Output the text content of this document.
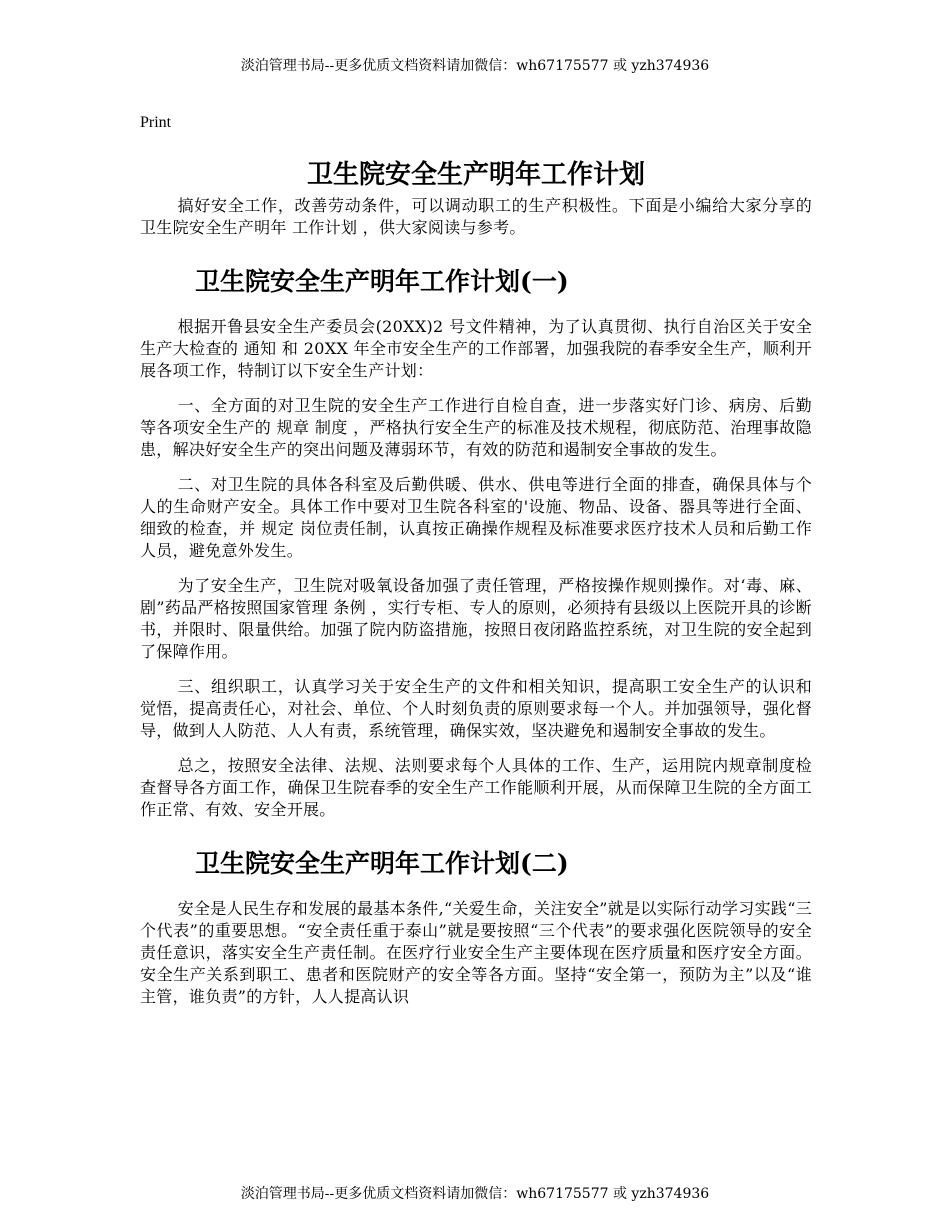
淡泊管理书局--更多优质文档资料请加微信：wh67175577 或 yzh374936
Print
卫生院安全生产明年工作计划

搞好安全工作，改善劳动条件，可以调动职工的生产积极性。下面是小编给大家分享的卫生院安全生产明年 工作计划 ，供大家阅读与参考。

卫生院安全生产明年工作计划(一)

根据开鲁县安全生产委员会(20XX)2 号文件精神，为了认真贯彻、执行自治区关于安全生产大检查的 通知 和 20XX 年全市安全生产的工作部署，加强我院的春季安全生产，顺利开展各项工作，特制订以下安全生产计划：

一、全方面的对卫生院的安全生产工作进行自检自查，进一步落实好门诊、病房、后勤等各项安全生产的 规章 制度 ，严格执行安全生产的标准及技术规程，彻底防范、治理事故隐患，解决好安全生产的突出问题及薄弱环节，有效的防范和遏制安全事故的发生。

二、对卫生院的具体各科室及后勤供暖、供水、供电等进行全面的排查，确保具体与个人的生命财产安全。具体工作中要对卫生院各科室的'设施、物品、设备、器具等进行全面、细致的检查，并 规定 岗位责任制，认真按正确操作规程及标准要求医疗技术人员和后勤工作人员，避免意外发生。

为了安全生产，卫生院对吸氧设备加强了责任管理，严格按操作规则操作。对‘毒、麻、剧”药品严格按照国家管理 条例 ，实行专柜、专人的原则，必须持有县级以上医院开具的诊断书，并限时、限量供给。加强了院内防盗措施，按照日夜闭路监控系统，对卫生院的安全起到了保障作用。

三、组织职工，认真学习关于安全生产的文件和相关知识，提高职工安全生产的认识和觉悟，提高责任心，对社会、单位、个人时刻负责的原则要求每一个人。并加强领导，强化督导，做到人人防范、人人有责，系统管理，确保实效，坚决避免和遏制安全事故的发生。

总之，按照安全法律、法规、法则要求每个人具体的工作、生产，运用院内规章制度检查督导各方面工作，确保卫生院春季的安全生产工作能顺利开展，从而保障卫生院的全方面工作正常、有效、安全开展。

卫生院安全生产明年工作计划(二)

安全是人民生存和发展的最基本条件,“关爱生命，关注安全”就是以实际行动学习实践“三个代表”的重要思想。“安全责任重于泰山”就是要按照“三个代表”的要求强化医院领导的安全责任意识，落实安全生产责任制。在医疗行业安全生产主要体现在医疗质量和医疗安全方面。安全生产关系到职工、患者和医院财产的安全等各方面。坚持“安全第一，预防为主”以及“谁主管，谁负责”的方针，人人提高认识

淡泊管理书局--更多优质文档资料请加微信：wh67175577 或 yzh374936
